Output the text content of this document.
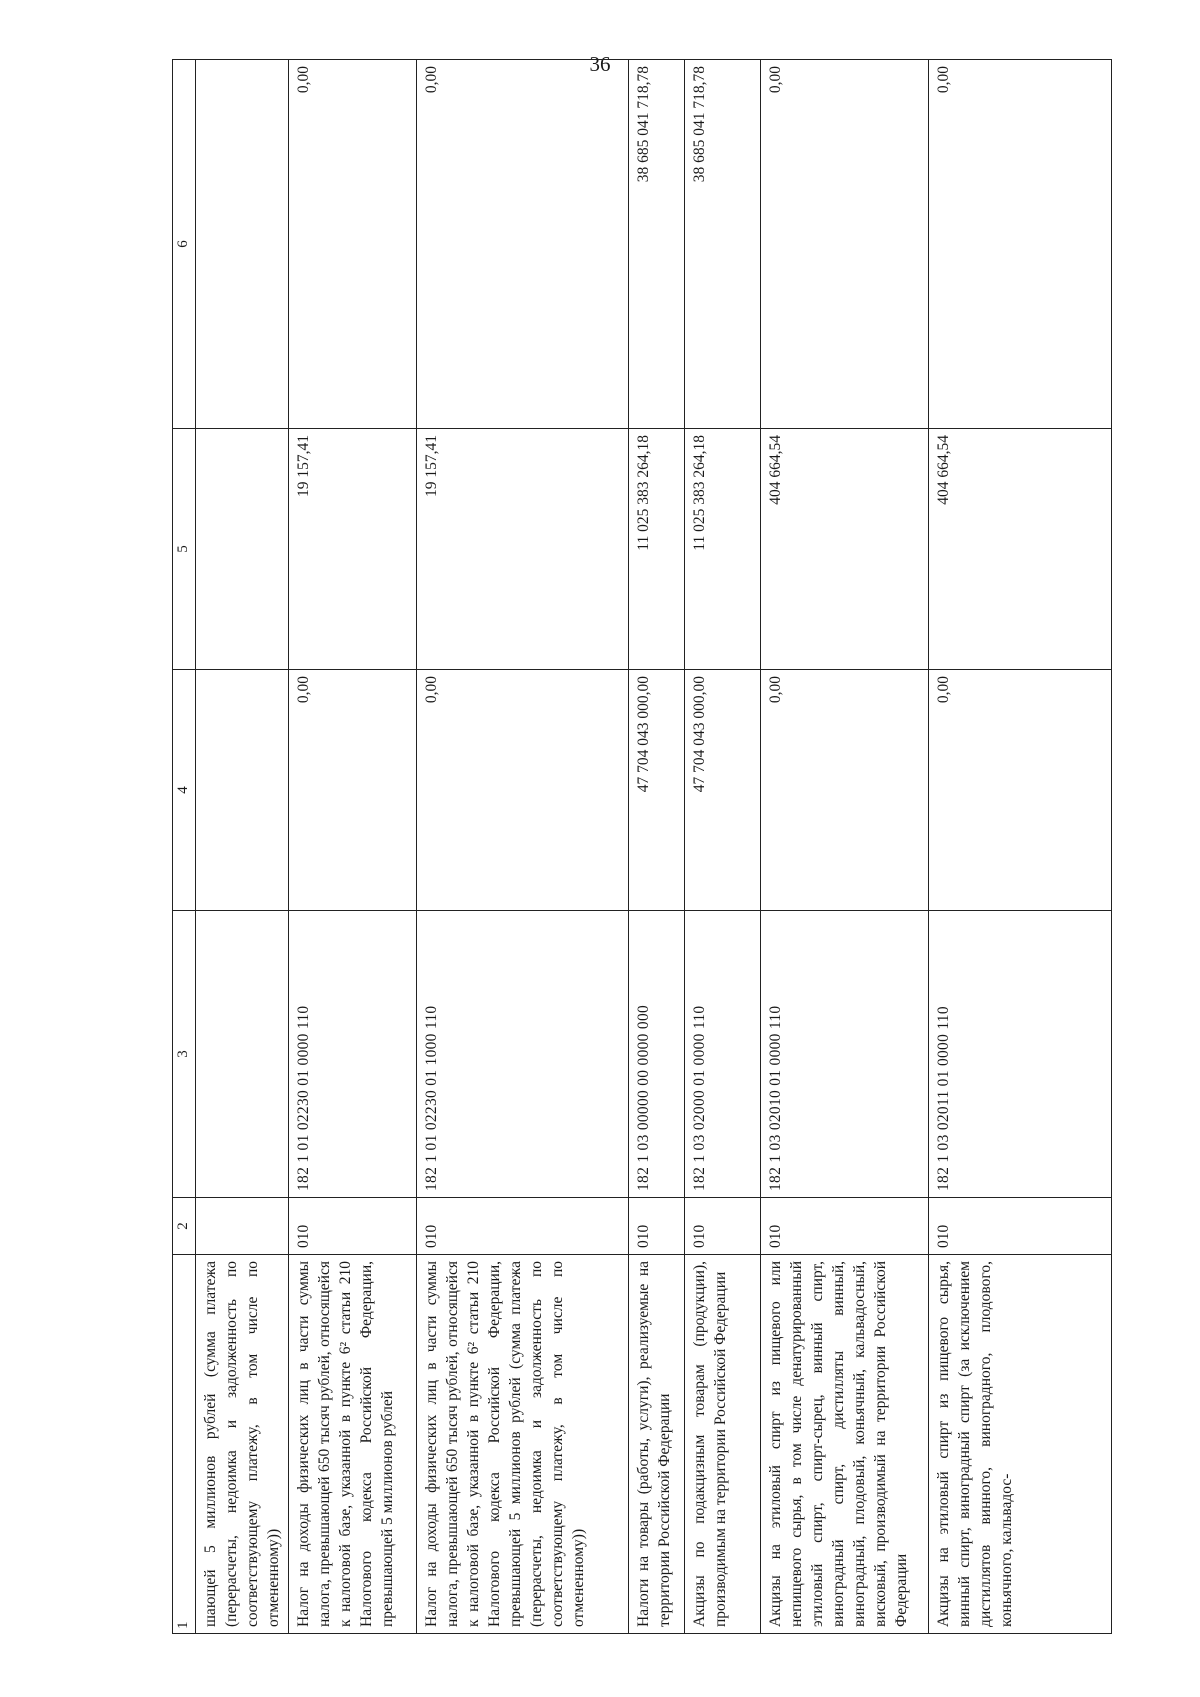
36
1	2	3	4	5	6
шающей 5 миллионов рублей (сумма платежа (перерасчеты, недоимка и задолженность по соответствующему платежу, в том числе по отмененному))					
Налог на доходы физических лиц в части суммы налога, превышающей 650 тысяч рублей, относящейся к налоговой базе, указанной в пункте 6² статьи 210 Налогового кодекса Российской Федерации, превышающей 5 миллионов рублей	010	182 1 01 02230 01 0000 110	0,00	19 157,41	0,00
Налог на доходы физических лиц в части суммы налога, превышающей 650 тысяч рублей, относящейся к налоговой базе, указанной в пункте 6² статьи 210 Налогового кодекса Российской Федерации, превышающей 5 миллионов рублей (сумма платежа (перерасчеты, недоимка и задолженность по соответствующему платежу, в том числе по отмененному))	010	182 1 01 02230 01 1000 110	0,00	19 157,41	0,00
Налоги на товары (работы, услуги), реализуемые на территории Российской Федерации	010	182 1 03 00000 00 0000 000	47 704 043 000,00	11 025 383 264,18	38 685 041 718,78
Акцизы по подакцизным товарам (продукции), производимым на территории Российской Федерации	010	182 1 03 02000 01 0000 110	47 704 043 000,00	11 025 383 264,18	38 685 041 718,78
Акцизы на этиловый спирт из пищевого или непищевого сырья, в том числе денатурированный этиловый спирт, спирт-сырец, винный спирт, виноградный спирт, дистилляты винный, виноградный, плодовый, коньячный, кальвадосный, висковый, производимый на территории Российской Федерации	010	182 1 03 02010 01 0000 110	0,00	404 664,54	0,00
Акцизы на этиловый спирт из пищевого сырья, винный спирт, виноградный спирт (за исключением дистиллятов винного, виноградного, плодового, коньячного, кальвадос-	010	182 1 03 02011 01 0000 110	0,00	404 664,54	0,00
